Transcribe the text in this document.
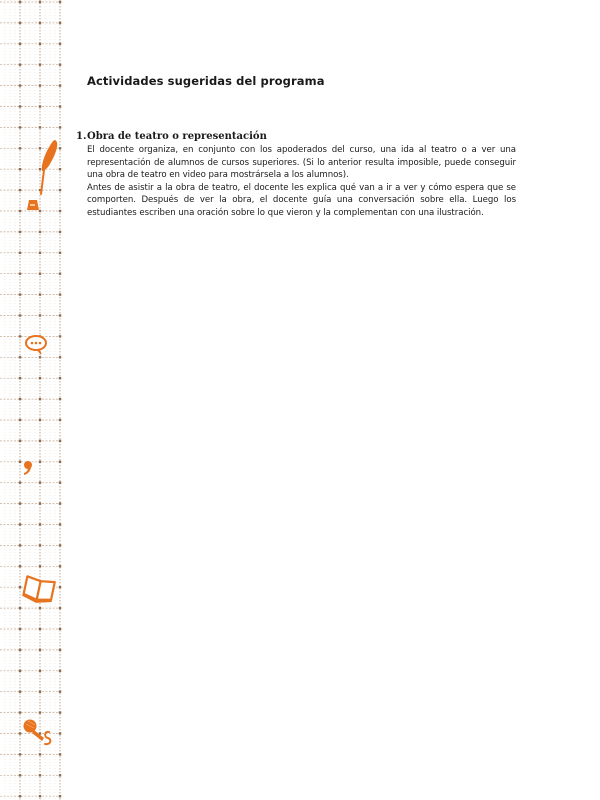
Actividades sugeridas del programa
1.Obra de teatro o representación

El docente organiza, en conjunto con los apoderados del curso, una ida al teatro o a ver una representación de alumnos de cursos superiores. (Si lo anterior resulta imposible, puede conseguir una obra de teatro en video para mostrársela a los alumnos).

Antes de asistir a la obra de teatro, el docente les explica qué van a ir a ver y cómo espera que se comporten. Después de ver la obra, el docente guía una conversación sobre ella. Luego los estudiantes escriben una oración sobre lo que vieron y la complementan con una ilustración.
